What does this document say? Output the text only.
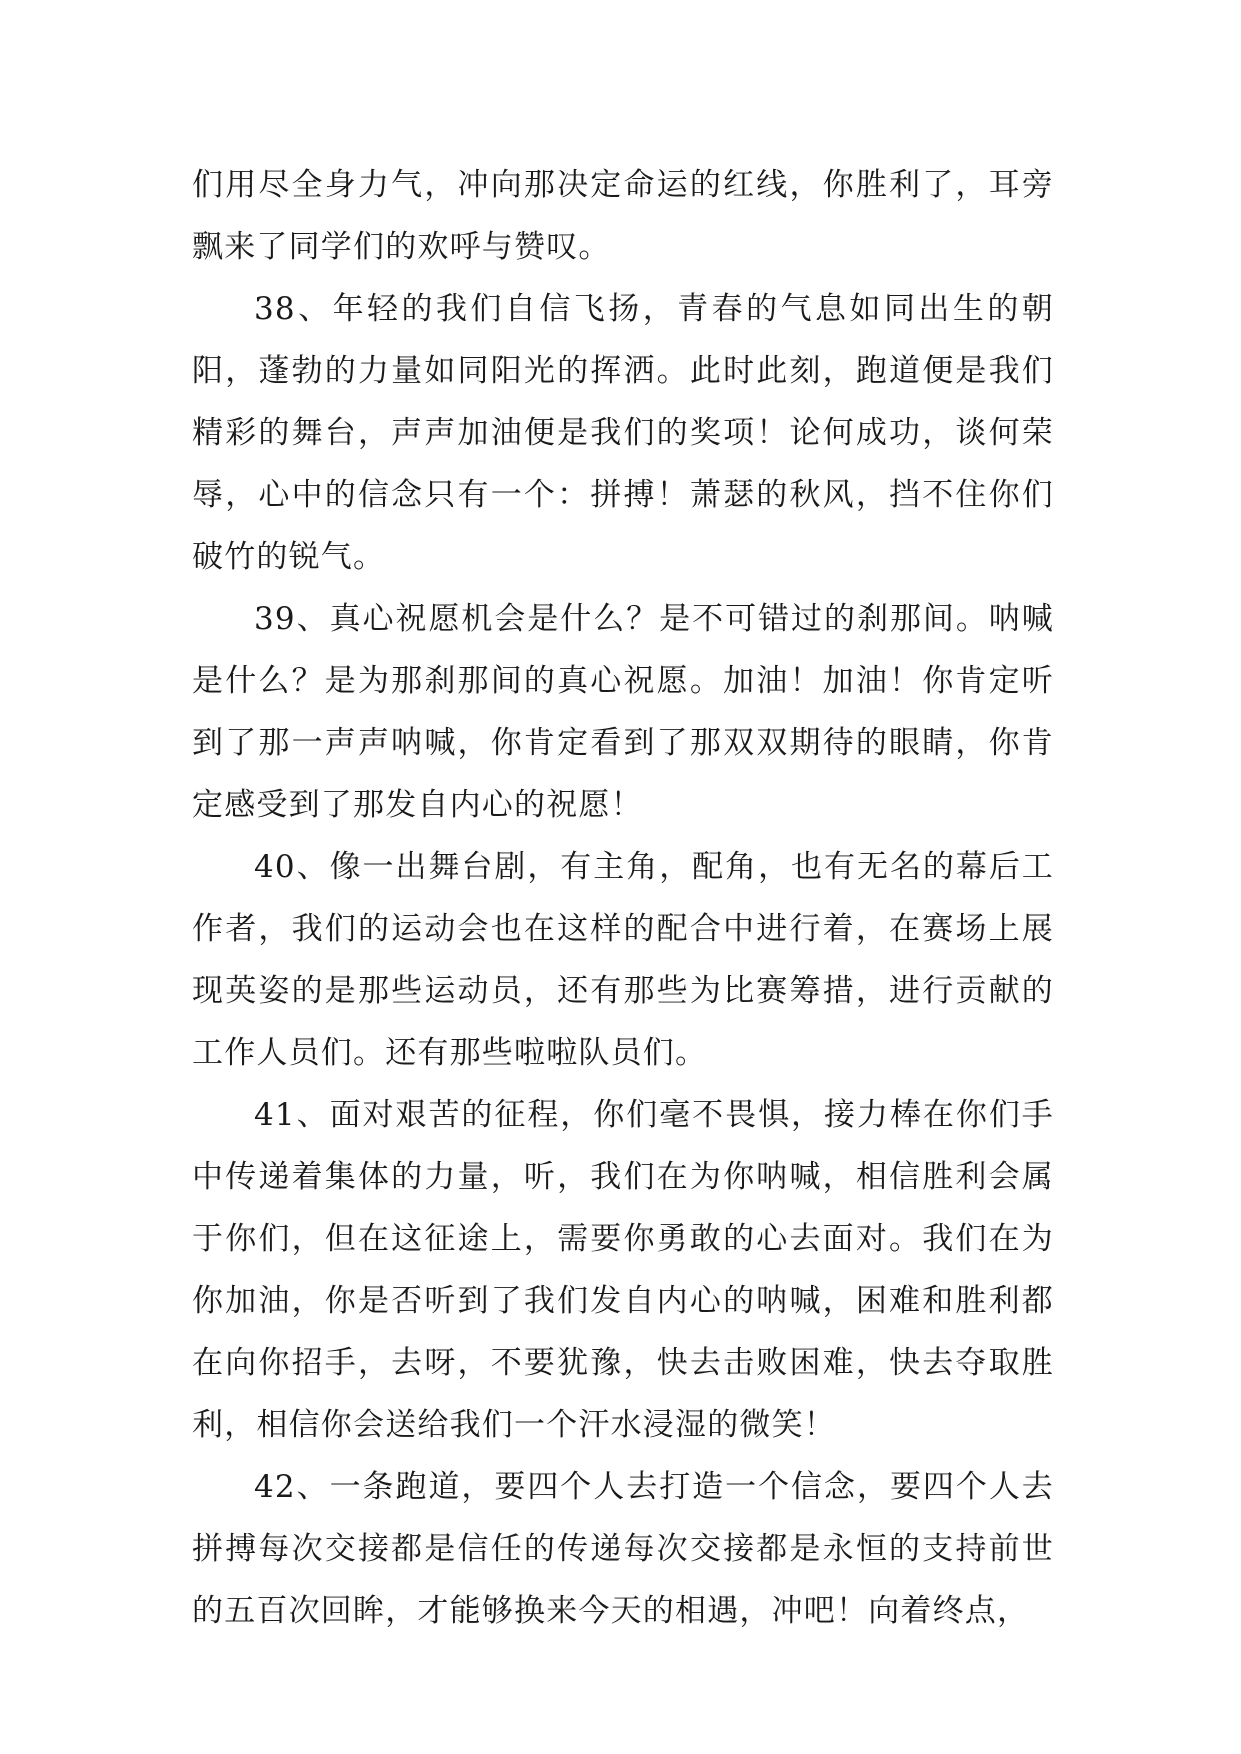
们用尽全身力气，冲向那决定命运的红线，你胜利了，耳旁飘来了同学们的欢呼与赞叹。

38、年轻的我们自信飞扬，青春的气息如同出生的朝阳，蓬勃的力量如同阳光的挥洒。此时此刻，跑道便是我们精彩的舞台，声声加油便是我们的奖项！论何成功，谈何荣辱，心中的信念只有一个：拼搏！萧瑟的秋风，挡不住你们破竹的锐气。

39、真心祝愿机会是什么？是不可错过的刹那间。呐喊是什么？是为那刹那间的真心祝愿。加油！加油！你肯定听到了那一声声呐喊，你肯定看到了那双双期待的眼睛，你肯定感受到了那发自内心的祝愿！

40、像一出舞台剧，有主角，配角，也有无名的幕后工作者，我们的运动会也在这样的配合中进行着，在赛场上展现英姿的是那些运动员，还有那些为比赛筹措，进行贡献的工作人员们。还有那些啦啦队员们。

41、面对艰苦的征程，你们毫不畏惧，接力棒在你们手中传递着集体的力量，听，我们在为你呐喊，相信胜利会属于你们，但在这征途上，需要你勇敢的心去面对。我们在为你加油，你是否听到了我们发自内心的呐喊，困难和胜利都在向你招手，去呀，不要犹豫，快去击败困难，快去夺取胜利，相信你会送给我们一个汗水浸湿的微笑！

42、一条跑道，要四个人去打造一个信念，要四个人去拼搏每次交接都是信任的传递每次交接都是永恒的支持前世的五百次回眸，才能够换来今天的相遇，冲吧！向着终点，
